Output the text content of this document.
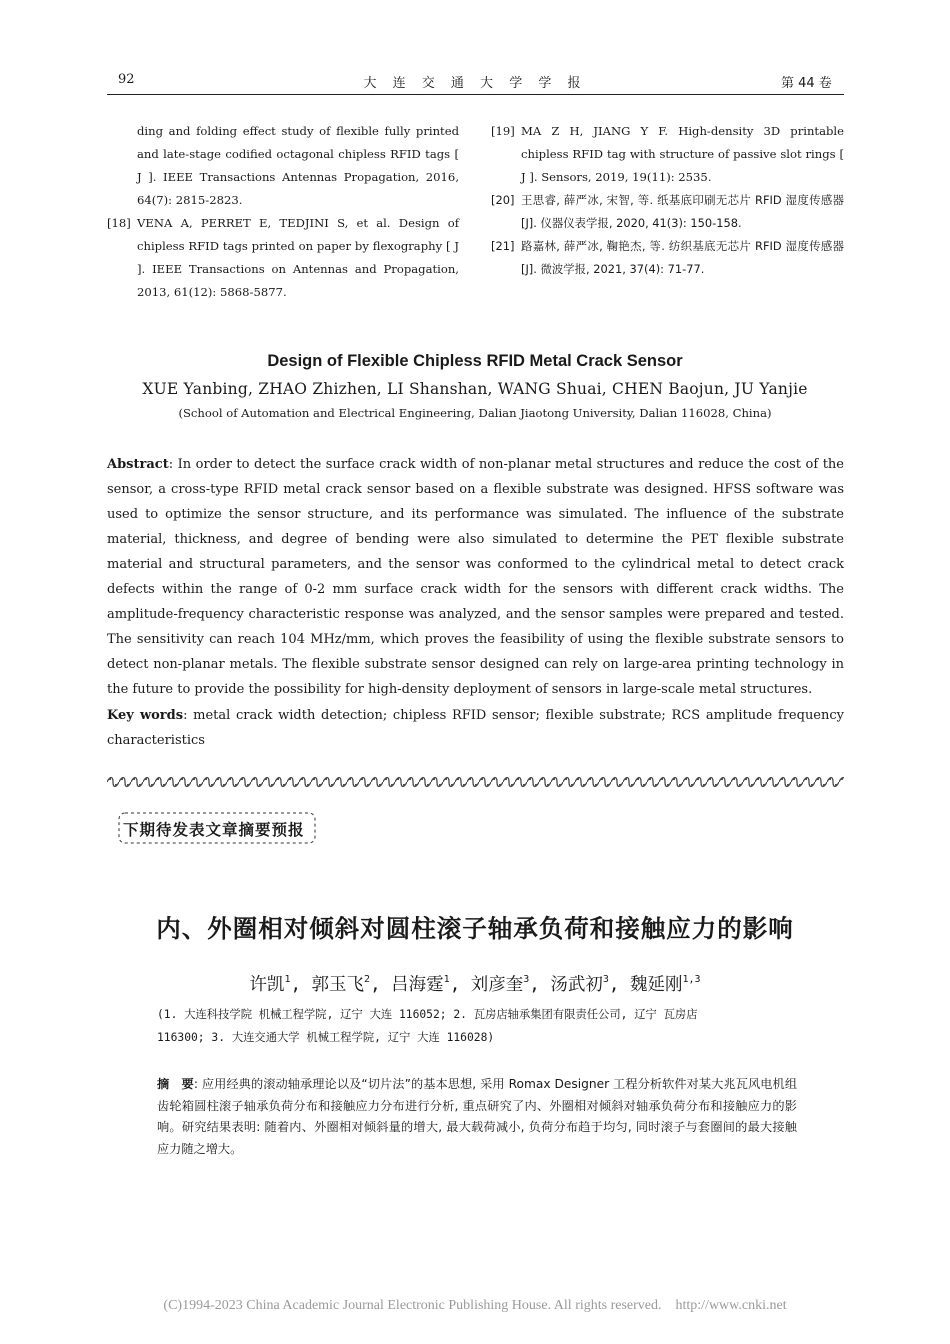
92	大 连 交 通 大 学 学 报	第 44 卷
ding and folding effect study of flexible fully printed and late-stage codified octagonal chipless RFID tags [ J ]. IEEE Transactions Antennas Propagation, 2016, 64(7): 2815-2823.
[18] VENA A, PERRET E, TEDJINI S, et al. Design of chipless RFID tags printed on paper by flexography [ J ]. IEEE Transactions on Antennas and Propagation, 2013, 61(12): 5868-5877.
[19] MA Z H, JIANG Y F. High-density 3D printable chipless RFID tag with structure of passive slot rings [ J ]. Sensors, 2019, 19(11): 2535.
[20] 王思睿, 薛严冰, 宋智, 等. 纸基底印刷无芯片 RFID 湿度传感器[J]. 仪器仪表学报, 2020, 41(3): 150-158.
[21] 路嘉林, 薛严冰, 鞠艳杰, 等. 纺织基底无芯片 RFID 湿度传感器[J]. 微波学报, 2021, 37(4): 71-77.
Design of Flexible Chipless RFID Metal Crack Sensor
XUE Yanbing, ZHAO Zhizhen, LI Shanshan, WANG Shuai, CHEN Baojun, JU Yanjie
(School of Automation and Electrical Engineering, Dalian Jiaotong University, Dalian 116028, China)
Abstract: In order to detect the surface crack width of non-planar metal structures and reduce the cost of the sensor, a cross-type RFID metal crack sensor based on a flexible substrate was designed. HFSS software was used to optimize the sensor structure, and its performance was simulated. The influence of the substrate material, thickness, and degree of bending were also simulated to determine the PET flexible substrate material and structural parameters, and the sensor was conformed to the cylindrical metal to detect crack defects within the range of 0-2 mm surface crack width for the sensors with different crack widths. The amplitude-frequency characteristic response was analyzed, and the sensor samples were prepared and tested. The sensitivity can reach 104 MHz/mm, which proves the feasibility of using the flexible substrate sensors to detect non-planar metals. The flexible substrate sensor designed can rely on large-area printing technology in the future to provide the possibility for high-density deployment of sensors in large-scale metal structures.
Key words: metal crack width detection; chipless RFID sensor; flexible substrate; RCS amplitude frequency characteristics
下期待发表文章摘要预报
内、外圈相对倾斜对圆柱滚子轴承负荷和接触应力的影响
许凯$^1$, 郭玉飞$^2$, 吕海霆$^1$, 刘彦奎$^3$, 汤武初$^3$, 魏延刚$^{1,3}$
(1. 大连科技学院 机械工程学院, 辽宁 大连 116052; 2. 瓦房店轴承集团有限责任公司, 辽宁 瓦房店
116300; 3. 大连交通大学 机械工程学院, 辽宁 大连 116028)
摘　要: 应用经典的滚动轴承理论以及“切片法”的基本思想, 采用 Romax Designer 工程分析软件对某大兆瓦风电机组齿轮箱圆柱滚子轴承负荷分布和接触应力分布进行分析, 重点研究了内、外圈相对倾斜对轴承负荷分布和接触应力的影响。研究结果表明: 随着内、外圈相对倾斜量的增大, 最大载荷减小, 负荷分布趋于均匀, 同时滚子与套圈间的最大接触应力随之增大。
(C)1994-2023 China Academic Journal Electronic Publishing House. All rights reserved. http://www.cnki.net
